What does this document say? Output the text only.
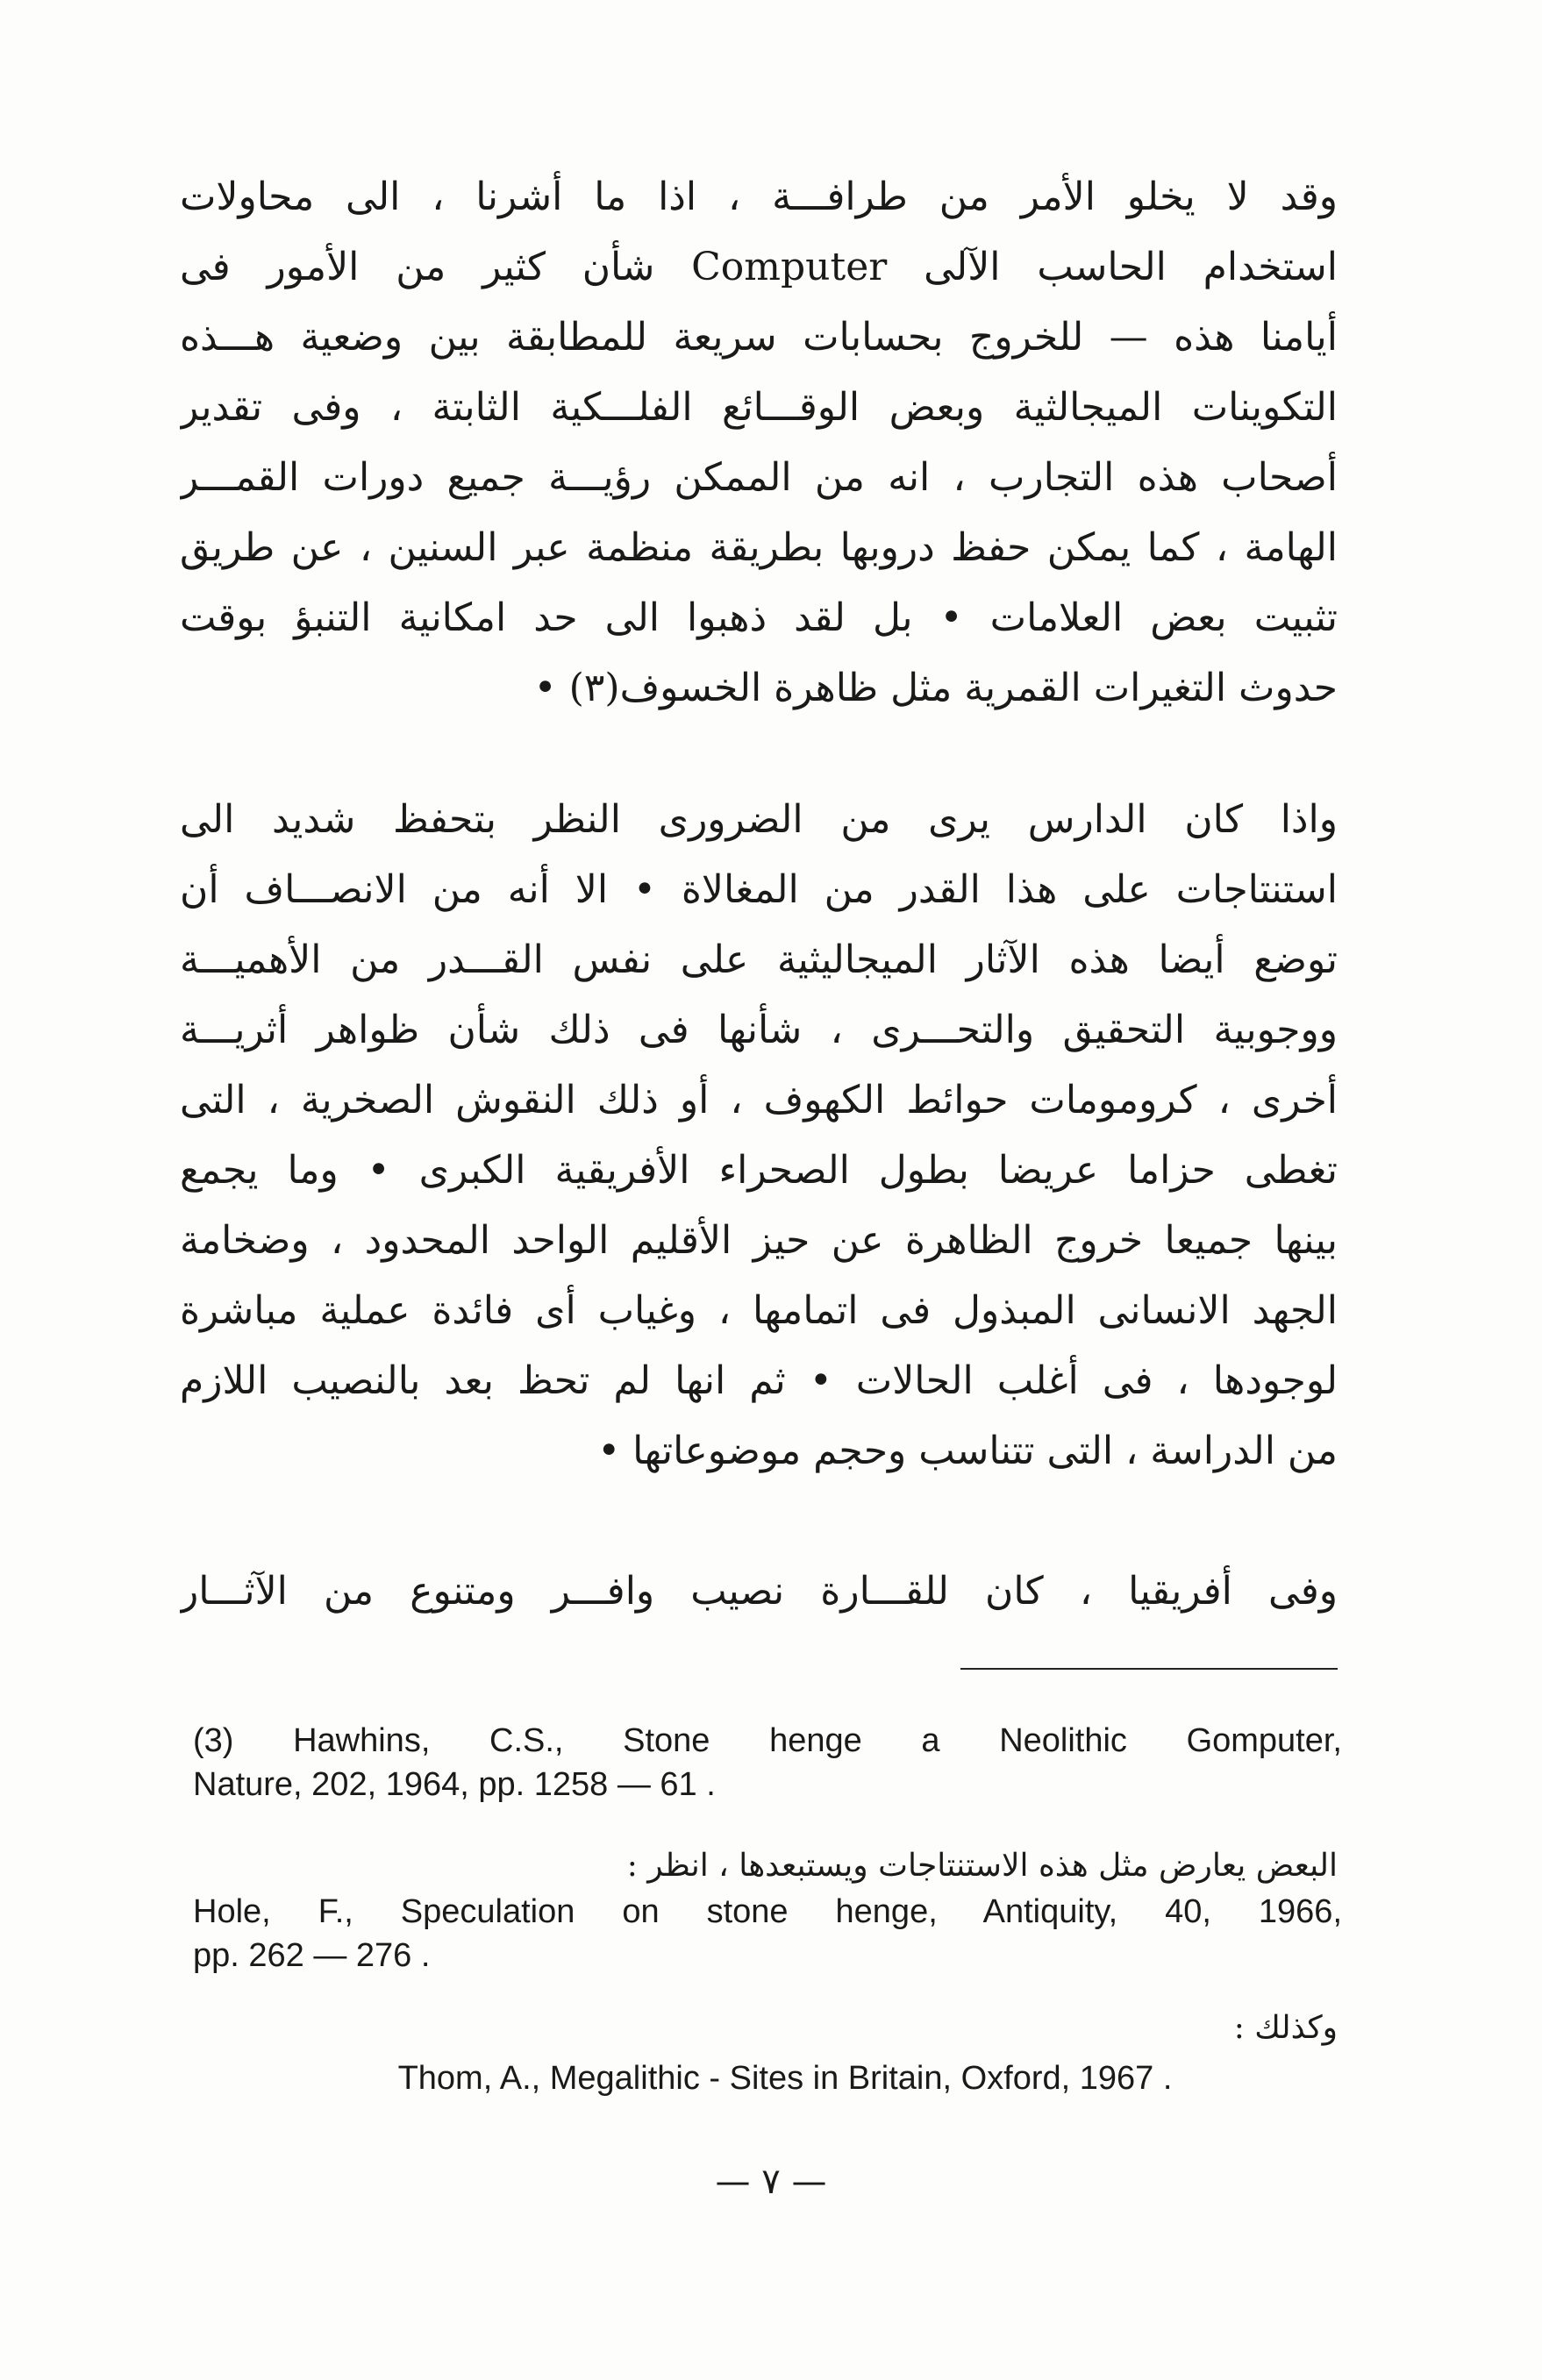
وقد لا يخلو الأمر من طرافـــة ، اذا ما أشرنا ، الى محاولات
استخدام الحاسب الآلى Computer شأن كثير من الأمور فى
أيامنا هذه — للخروج بحسابات سريعة للمطابقة بين وضعية هـــذه
التكوينات الميجالثية وبعض الوقـــائع الفلـــكية الثابتة ، وفى تقدير
أصحاب هذه التجارب ، انه من الممكن رؤيـــة جميع دورات القمـــر
الهامة ، كما يمكن حفظ دروبها بطريقة منظمة عبر السنين ، عن طريق
تثبيت بعض العلامات • بل لقد ذهبوا الى حد امكانية التنبؤ بوقت
حدوث التغيرات القمرية مثل ظاهرة الخسوف(٣) •
واذا كان الدارس يرى من الضرورى النظر بتحفظ شديد الى
استنتاجات على هذا القدر من المغالاة • الا أنه من الانصـــاف أن
توضع أيضا هذه الآثار الميجاليثية على نفس القـــدر من الأهميـــة
ووجوبية التحقيق والتحـــرى ، شأنها فى ذلك شأن ظواهر أثريـــة
أخرى ، كرومومات حوائط الكهوف ، أو ذلك النقوش الصخرية ، التى
تغطى حزاما عريضا بطول الصحراء الأفريقية الكبرى • وما يجمع
بينها جميعا خروج الظاهرة عن حيز الأقليم الواحد المحدود ، وضخامة
الجهد الانسانى المبذول فى اتمامها ، وغياب أى فائدة عملية مباشرة
لوجودها ، فى أغلب الحالات • ثم انها لم تحظ بعد بالنصيب اللازم
من الدراسة ، التى تتناسب وحجم موضوعاتها •
وفى أفريقيا ، كان للقـــارة نصيب وافـــر ومتنوع من الآثـــار
(3) Hawhins, C.S., Stone henge a Neolithic Gomputer,
Nature, 202, 1964, pp. 1258 — 61 .
البعض يعارض مثل هذه الاستنتاجات ويستبعدها ، انظر :
Hole, F., Speculation on stone henge, Antiquity, 40, 1966,
pp. 262 — 276 .
وكذلك :
Thom, A., Megalithic - Sites in Britain, Oxford, 1967 .
— ٧ —
